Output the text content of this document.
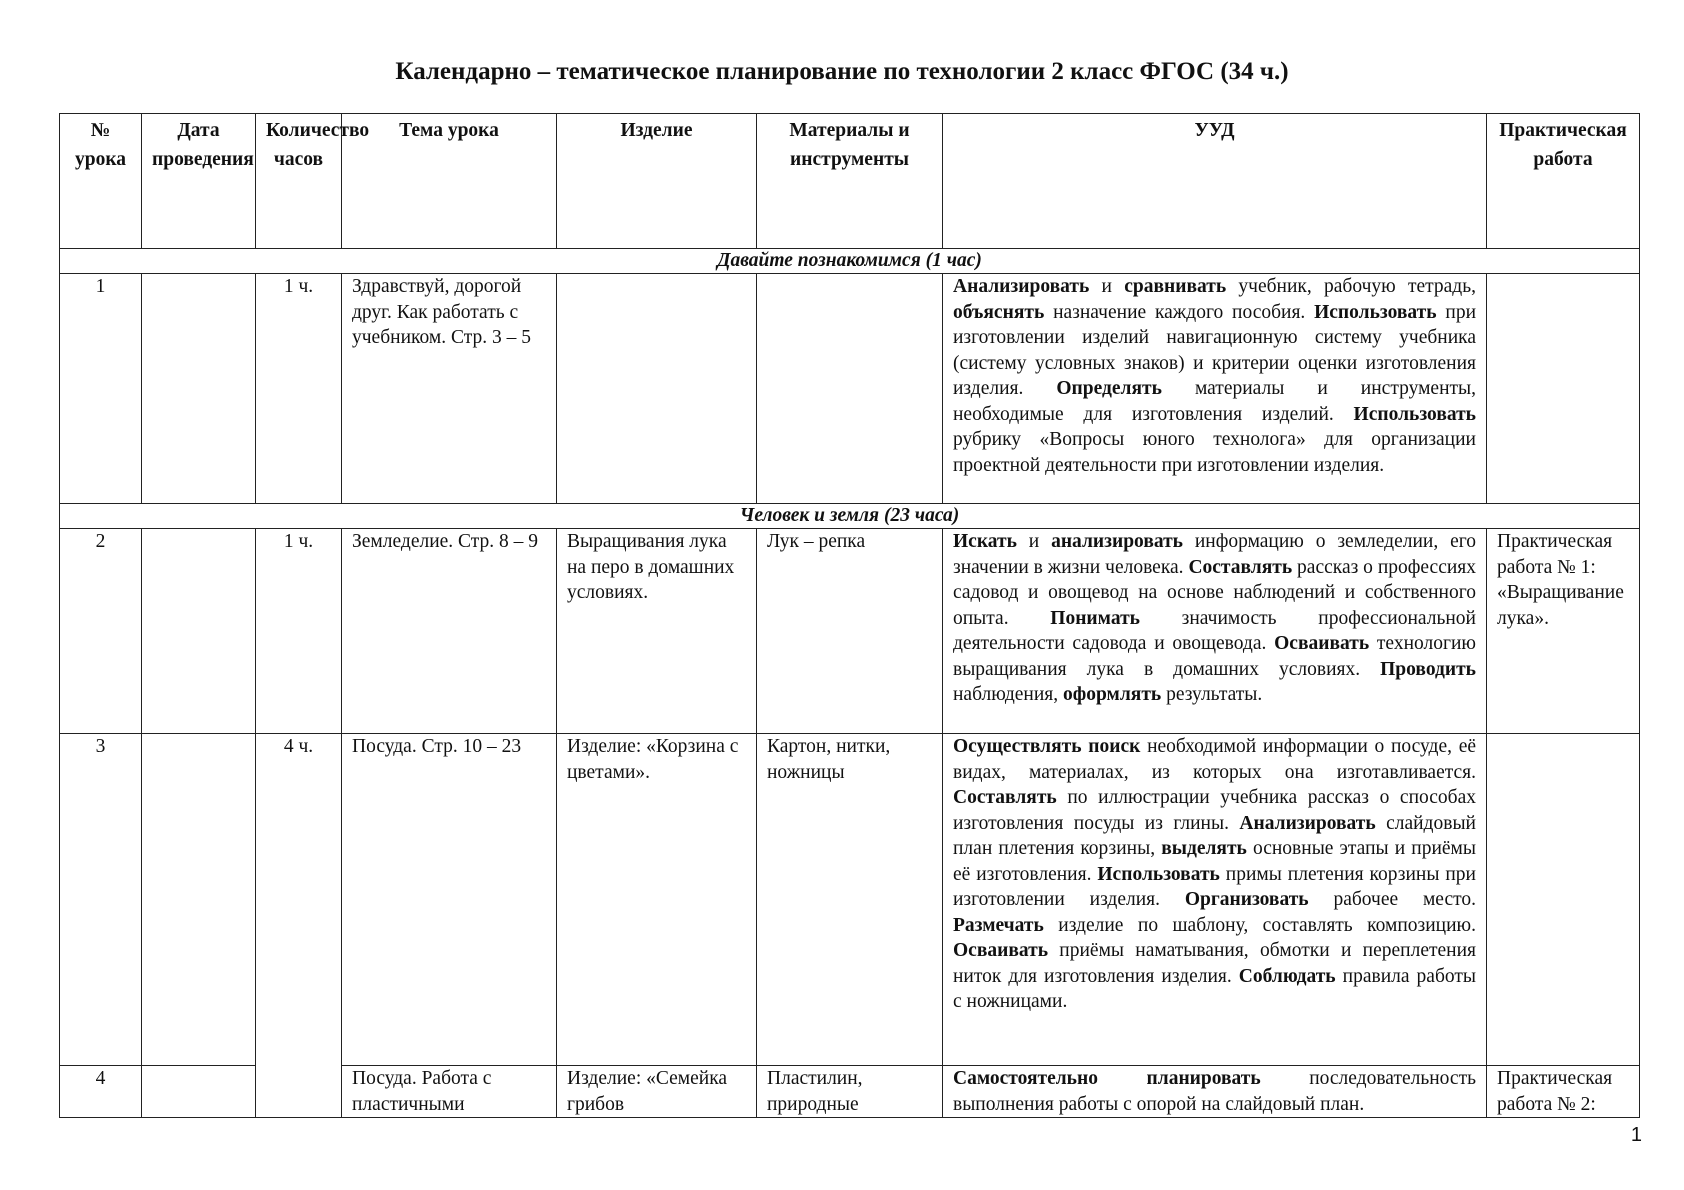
Календарно – тематическое планирование по технологии 2 класс ФГОС (34 ч.)
№ урока	Дата проведения	Количество часов	Тема урока	Изделие	Материалы и инструменты	УУД	Практическая работа
Давайте познакомимся (1 час)							
1		1 ч.	Здравствуй, дорогой друг. Как работать с учебником. Стр. 3 – 5			Анализировать и сравнивать учебник, рабочую тетрадь, объяснять назначение каждого пособия. Использовать при изготовлении изделий навигационную систему учебника (систему условных знаков) и критерии оценки изготовления изделия. Определять материалы и инструменты, необходимые для изготовления изделий. Использовать рубрику «Вопросы юного технолога» для организации проектной деятельности при изготовлении изделия.	
Человек и земля (23 часа)							
2		1 ч.	Земледелие. Стр. 8 – 9	Выращивания лука на перо в домашних условиях.	Лук – репка	Искать и анализировать информацию о земледелии, его значении в жизни человека. Составлять рассказ о профессиях садовод и овощевод на основе наблюдений и собственного опыта. Понимать значимость профессиональной деятельности садовода и овощевода. Осваивать технологию выращивания лука в домашних условиях. Проводить наблюдения, оформлять результаты.	Практическая работа № 1: «Выращивание лука».
3		4 ч.	Посуда. Стр. 10 – 23	Изделие: «Корзина с цветами».	Картон, нитки, ножницы	Осуществлять поиск необходимой информации о посуде, её видах, материалах, из которых она изготавливается. Составлять по иллюстрации учебника рассказ о способах изготовления посуды из глины. Анализировать слайдовый план плетения корзины, выделять основные этапы и приёмы её изготовления. Использовать примы плетения корзины при изготовлении изделия. Организовать рабочее место. Размечать изделие по шаблону, составлять композицию. Осваивать приёмы наматывания, обмотки и переплетения ниток для изготовления изделия. Соблюдать правила работы с ножницами.	
4			Посуда. Работа с пластичными	Изделие: «Семейка грибов	Пластилин, природные	Самостоятельно планировать последовательность выполнения работы с опорой на слайдовый план.	Практическая работа № 2:
1
